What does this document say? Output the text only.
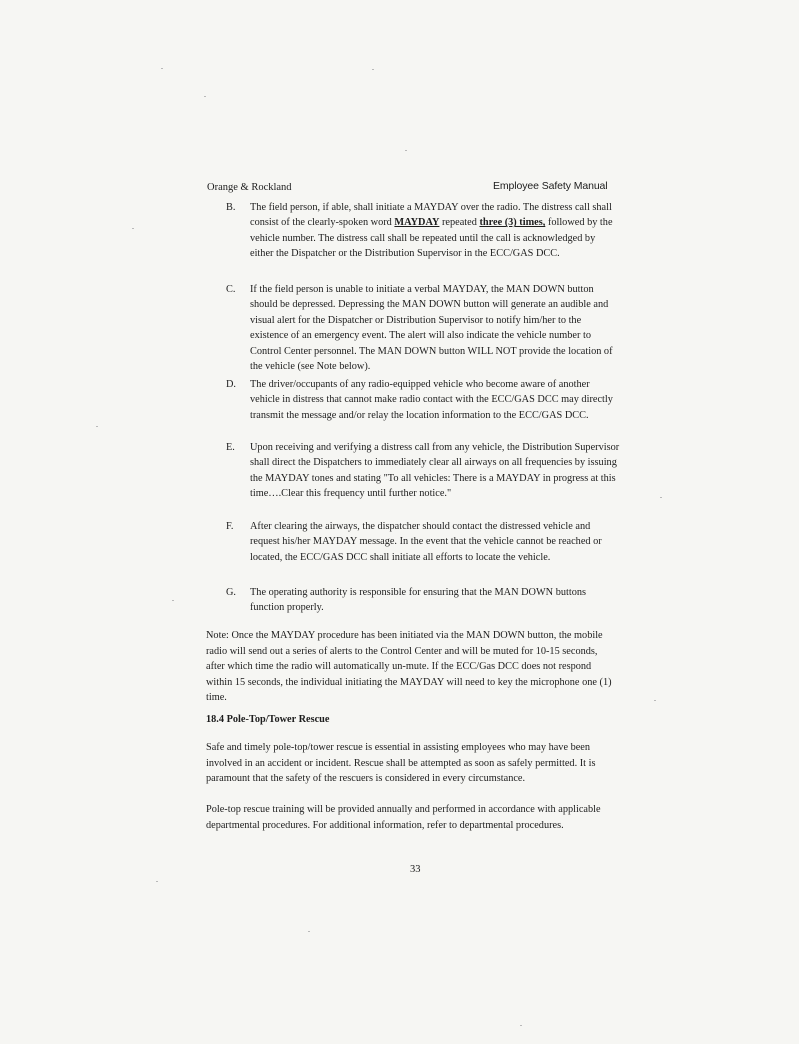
Orange & Rockland	Employee Safety Manual
B.	The field person, if able, shall initiate a MAYDAY over the radio. The distress call shall consist of the clearly-spoken word MAYDAY repeated three (3) times, followed by the vehicle number. The distress call shall be repeated until the call is acknowledged by either the Dispatcher or the Distribution Supervisor in the ECC/GAS DCC.
C.	If the field person is unable to initiate a verbal MAYDAY, the MAN DOWN button should be depressed. Depressing the MAN DOWN button will generate an audible and visual alert for the Dispatcher or Distribution Supervisor to notify him/her to the existence of an emergency event. The alert will also indicate the vehicle number to Control Center personnel. The MAN DOWN button WILL NOT provide the location of the vehicle (see Note below).
D.	The driver/occupants of any radio-equipped vehicle who become aware of another vehicle in distress that cannot make radio contact with the ECC/GAS DCC may directly transmit the message and/or relay the location information to the ECC/GAS DCC.
E.	Upon receiving and verifying a distress call from any vehicle, the Distribution Supervisor shall direct the Dispatchers to immediately clear all airways on all frequencies by issuing the MAYDAY tones and stating "To all vehicles: There is a MAYDAY in progress at this time….Clear this frequency until further notice."
F.	After clearing the airways, the dispatcher should contact the distressed vehicle and request his/her MAYDAY message. In the event that the vehicle cannot be reached or located, the ECC/GAS DCC shall initiate all efforts to locate the vehicle.
G.	The operating authority is responsible for ensuring that the MAN DOWN buttons function properly.
Note: Once the MAYDAY procedure has been initiated via the MAN DOWN button, the mobile radio will send out a series of alerts to the Control Center and will be muted for 10-15 seconds, after which time the radio will automatically un-mute. If the ECC/Gas DCC does not respond within 15 seconds, the individual initiating the MAYDAY will need to key the microphone one (1) time.
18.4 Pole-Top/Tower Rescue
Safe and timely pole-top/tower rescue is essential in assisting employees who may have been involved in an accident or incident. Rescue shall be attempted as soon as safely permitted. It is paramount that the safety of the rescuers is considered in every circumstance.
Pole-top rescue training will be provided annually and performed in accordance with applicable departmental procedures. For additional information, refer to departmental procedures.
33
